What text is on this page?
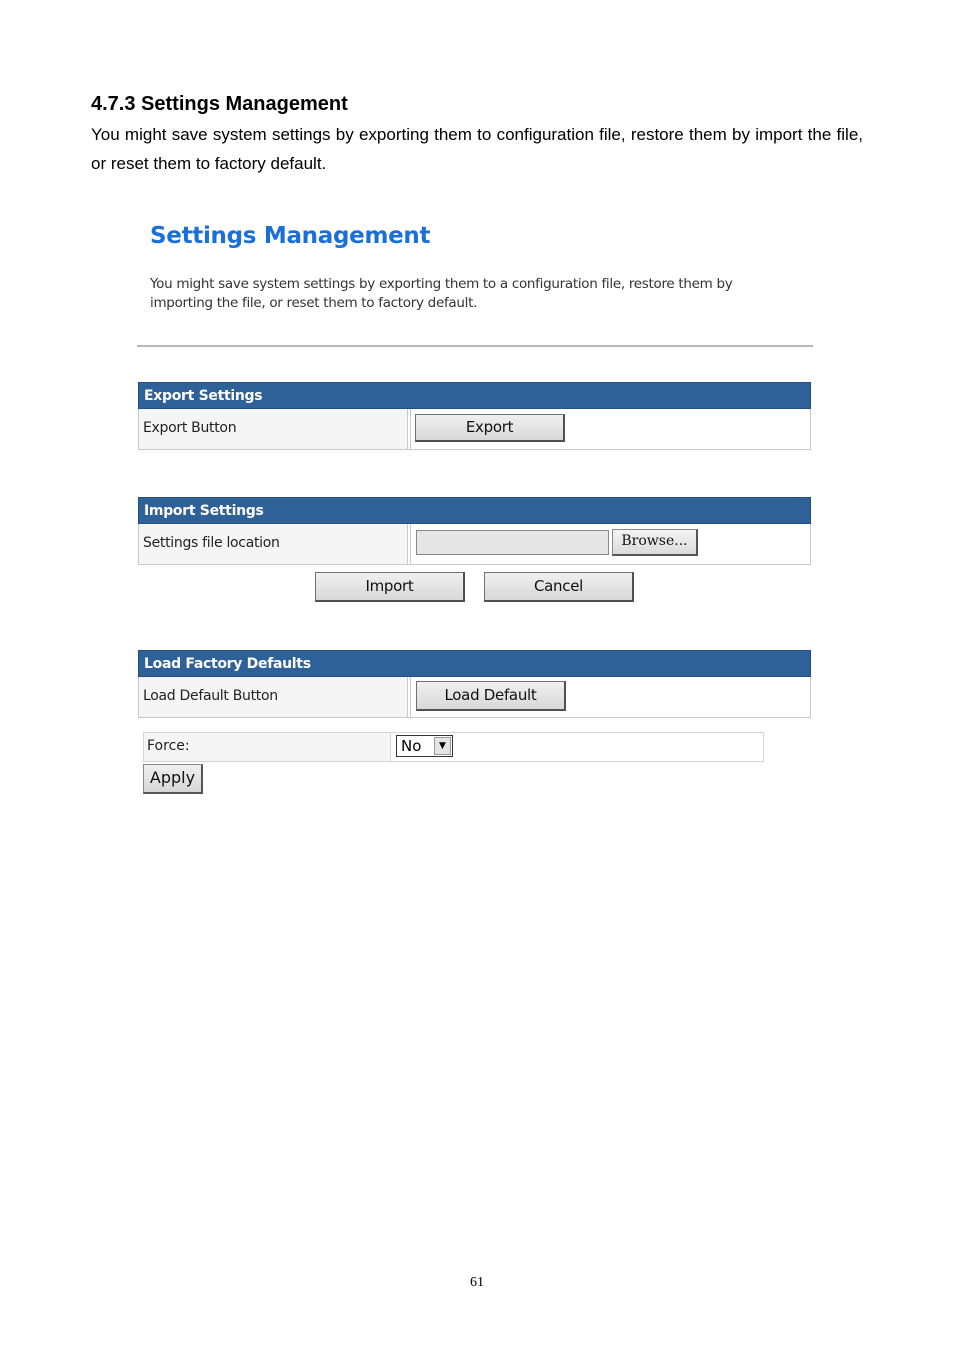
4.7.3 Settings Management

You might save system settings by exporting them to configuration file, restore them by import the file, or reset them to factory default.

Settings Management

You might save system settings by exporting them to a configuration file, restore them by importing the file, or reset them to factory default.

Export Settings
Export Button	Export
Import Settings
Settings file location	Browse...
Import	Cancel
Load Factory Defaults
Load Default Button	Load Default
Force:	No	▼
Apply
61
